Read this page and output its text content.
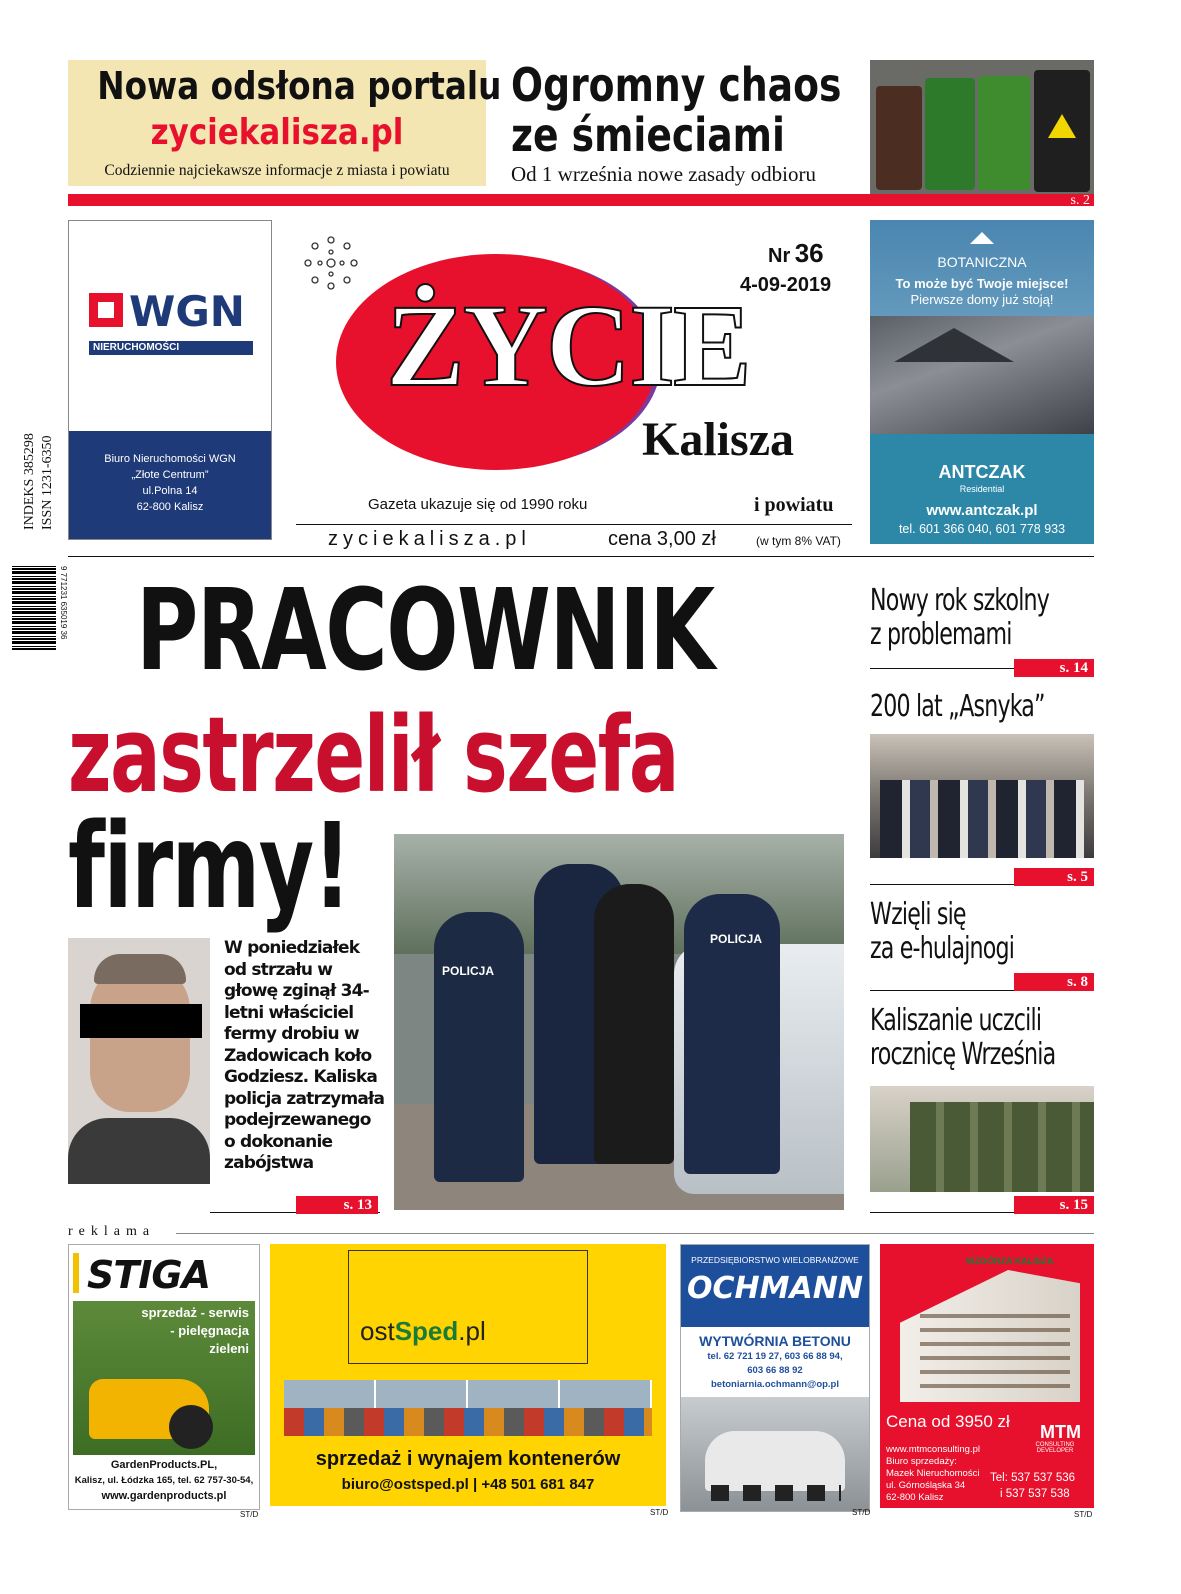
Nowa odsłona portalu
zyciekalisza.pl
Codziennie najciekawsze informacje z miasta i powiatu
Ogromny chaos
ze śmieciami
Od 1 września nowe zasady odbioru
s. 2
INDEKS 385298 ISSN 1231-6350
9 771231 635019 36
WGN
NIERUCHOMOŚCI
Biuro Nieruchomości WGN
„Złote Centrum”
ul.Polna 14
62-800 Kalisz
ŻYCIE
Kalisza
Nr 36
4-09-2019
Gazeta ukazuje się od 1990 roku	i powiatu
zyciekalisza.pl	cena 3,00 zł	(w tym 8% VAT)
BOTANICZNA
To może być Twoje miejsce!
Pierwsze domy już stoją!
ANTCZAK
Residential
www.antczak.pl
tel. 601 366 040, 601 778 933
PRACOWNIK
zastrzelił szefa
firmy!
W poniedziałek od strzału w głowę zginął 34-letni właściciel fermy drobiu w Zadowicach koło Godziesz. Kaliska policja zatrzymała podejrzewanego o dokonanie zabójstwa
POLICJA
POLICJA
s. 13
Nowy rok szkolny
z problemami
s. 14
200 lat „Asnyka”
s. 5
Wzięli się
za e-hulajnogi
s. 8
Kaliszanie uczcili
rocznicę Września
s. 15
reklama
STIGA
sprzedaż - serwis
- pielęgnacja
zieleni
GardenProducts.PL,
Kalisz, ul. Łódzka 165, tel. 62 757-30-54,
www.gardenproducts.pl
ST/D
ostSped.pl
sprzedaż i wynajem kontenerów
biuro@ostsped.pl | +48 501 681 847
ST/D
PRZEDSIĘBIORSTWO WIELOBRANŻOWE
OCHMANN
WYTWÓRNIA BETONU
tel. 62 721 19 27, 603 66 88 94,
603 66 88 92
betoniarnia.ochmann@op.pl
ST/D
WZGÓRZA KALISZA
Cena od 3950 zł
MTM
CONSULTING DEVELOPER
www.mtmconsulting.pl
Biuro sprzedaży:
Mazek Nieruchomości
ul. Górnośląska 34
62-800 Kalisz
Tel: 537 537 536
i 537 537 538
ST/D
